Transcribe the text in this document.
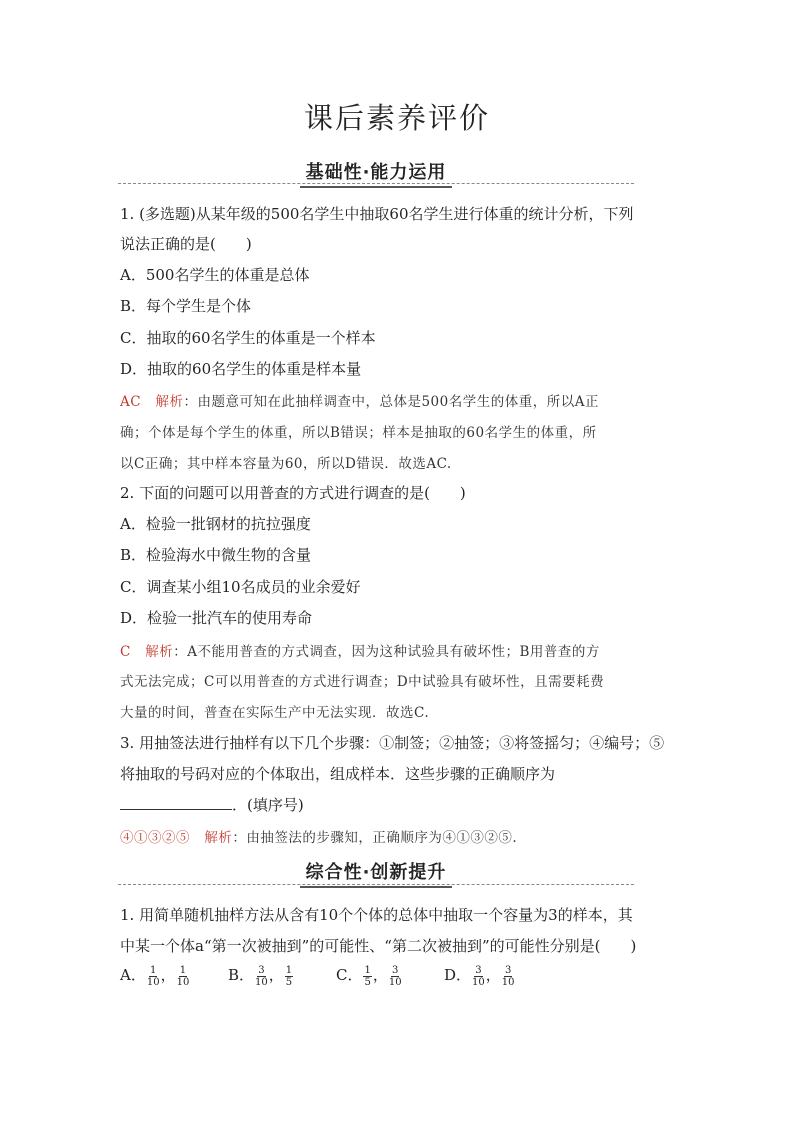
课后素养评价
基础性·能力运用
1. (多选题)从某年级的500名学生中抽取60名学生进行体重的统计分析，下列
说法正确的是(　　)
A．500名学生的体重是总体
B．每个学生是个体
C．抽取的60名学生的体重是一个样本
D．抽取的60名学生的体重是样本量
AC 解析：由题意可知在此抽样调查中，总体是500名学生的体重，所以A正
确；个体是每个学生的体重，所以B错误；样本是抽取的60名学生的体重，所
以C正确；其中样本容量为60，所以D错误．故选AC.
2. 下面的问题可以用普查的方式进行调查的是(　　)
A．检验一批钢材的抗拉强度
B．检验海水中微生物的含量
C．调查某小组10名成员的业余爱好
D．检验一批汽车的使用寿命
C 解析：A不能用普查的方式调查，因为这种试验具有破坏性；B用普查的方
式无法完成；C可以用普查的方式进行调查；D中试验具有破坏性，且需要耗费
大量的时间，普查在实际生产中无法实现．故选C.
3. 用抽签法进行抽样有以下几个步骤：①制签；②抽签；③将签摇匀；④编号；⑤
将抽取的号码对应的个体取出，组成样本．这些步骤的正确顺序为
．(填序号)
④①③②⑤ 解析：由抽签法的步骤知，正确顺序为④①③②⑤.
综合性·创新提升
1. 用简单随机抽样方法从含有10个个体的总体中抽取一个容量为3的样本，其
中某一个体a“第一次被抽到”的可能性、“第二次被抽到”的可能性分别是(　　)
A． $\frac{1}{10}$ ， $\frac{1}{10}$	B． $\frac{3}{10}$ ， $\frac{1}{5}$	C． $\frac{1}{5}$ ， $\frac{3}{10}$	D． $\frac{3}{10}$ ， $\frac{3}{10}$
